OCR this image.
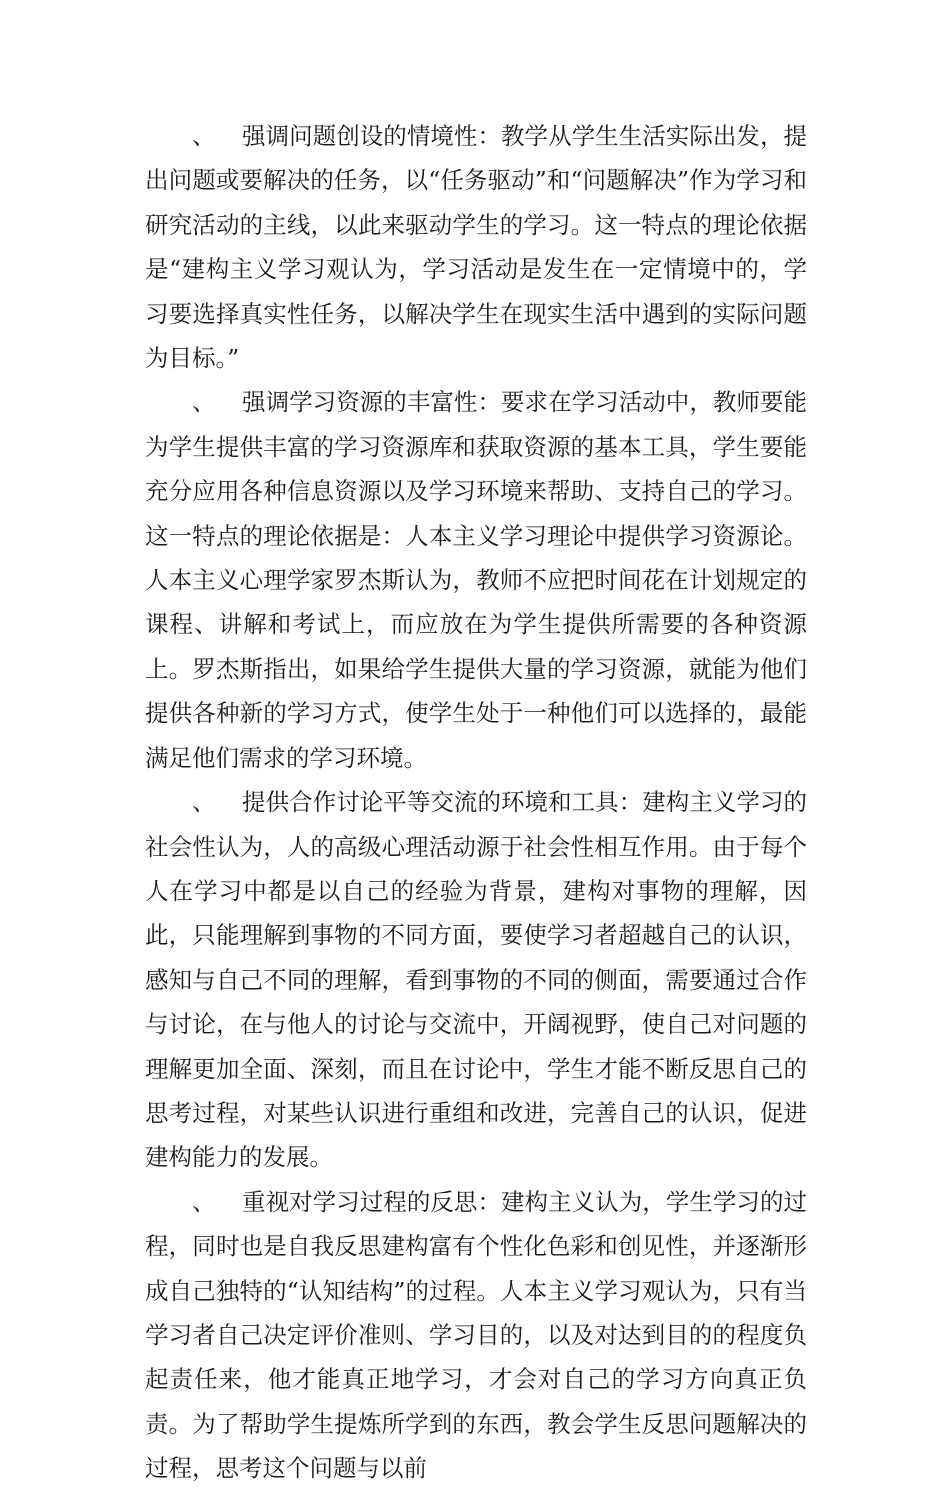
、 强调问题创设的情境性：教学从学生生活实际出发，提出问题或要解决的任务，以“任务驱动”和“问题解决”作为学习和研究活动的主线，以此来驱动学生的学习。这一特点的理论依据是“建构主义学习观认为，学习活动是发生在一定情境中的，学习要选择真实性任务，以解决学生在现实生活中遇到的实际问题为目标。”

、 强调学习资源的丰富性：要求在学习活动中，教师要能为学生提供丰富的学习资源库和获取资源的基本工具，学生要能充分应用各种信息资源以及学习环境来帮助、支持自己的学习。这一特点的理论依据是：人本主义学习理论中提供学习资源论。人本主义心理学家罗杰斯认为，教师不应把时间花在计划规定的课程、讲解和考试上，而应放在为学生提供所需要的各种资源上。罗杰斯指出，如果给学生提供大量的学习资源，就能为他们提供各种新的学习方式，使学生处于一种他们可以选择的，最能满足他们需求的学习环境。

、 提供合作讨论平等交流的环境和工具：建构主义学习的社会性认为，人的高级心理活动源于社会性相互作用。由于每个人在学习中都是以自己的经验为背景，建构对事物的理解，因此，只能理解到事物的不同方面，要使学习者超越自己的认识，感知与自己不同的理解，看到事物的不同的侧面，需要通过合作与讨论，在与他人的讨论与交流中，开阔视野，使自己对问题的理解更加全面、深刻，而且在讨论中，学生才能不断反思自己的思考过程，对某些认识进行重组和改进，完善自己的认识，促进建构能力的发展。

、 重视对学习过程的反思：建构主义认为，学生学习的过程，同时也是自我反思建构富有个性化色彩和创见性，并逐渐形成自己独特的“认知结构”的过程。人本主义学习观认为，只有当学习者自己决定评价准则、学习目的，以及对达到目的的程度负起责任来，他才能真正地学习，才会对自己的学习方向真正负责。为了帮助学生提炼所学到的东西，教会学生反思问题解决的过程，思考这个问题与以前
